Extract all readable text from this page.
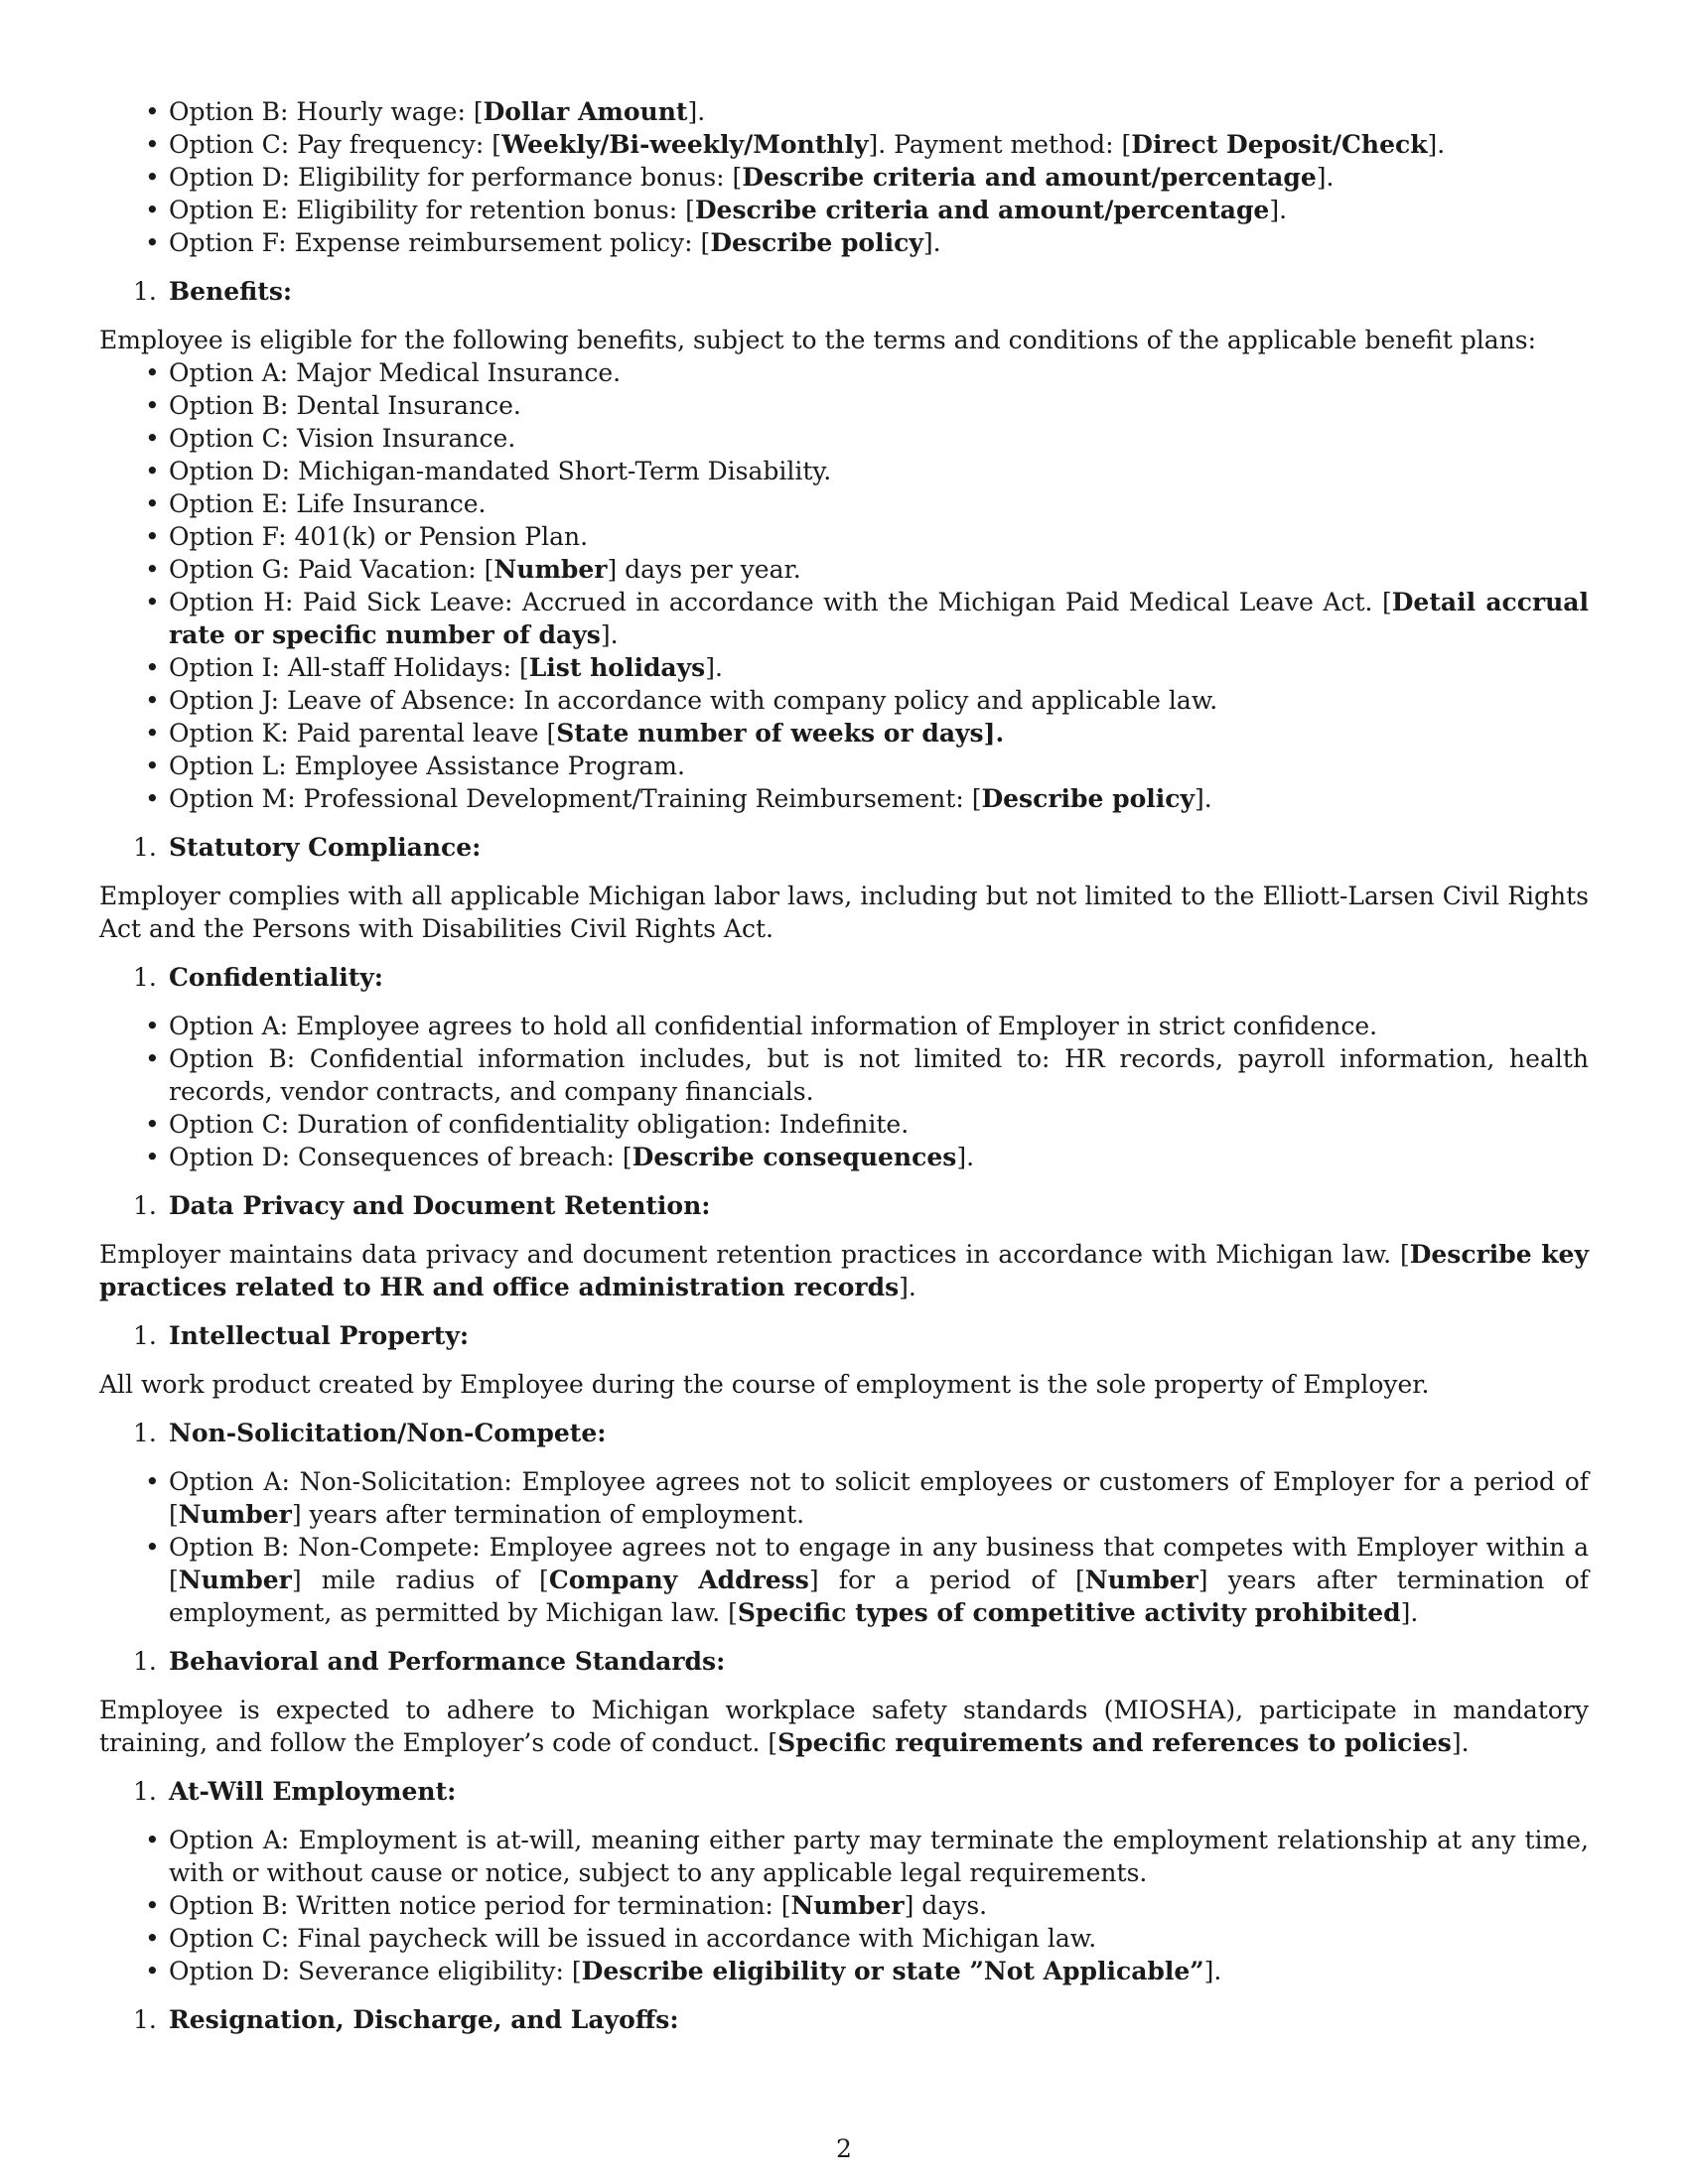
• Option B: Hourly wage: [Dollar Amount].
• Option C: Pay frequency: [Weekly/Bi-weekly/Monthly]. Payment method: [Direct Deposit/Check].
• Option D: Eligibility for performance bonus: [Describe criteria and amount/percentage].
• Option E: Eligibility for retention bonus: [Describe criteria and amount/percentage].
• Option F: Expense reimbursement policy: [Describe policy].
1. Benefits:

Employee is eligible for the following benefits, subject to the terms and conditions of the applicable benefit plans:

• Option A: Major Medical Insurance.
• Option B: Dental Insurance.
• Option C: Vision Insurance.
• Option D: Michigan-mandated Short-Term Disability.
• Option E: Life Insurance.
• Option F: 401(k) or Pension Plan.
• Option G: Paid Vacation: [Number] days per year.
• Option H: Paid Sick Leave: Accrued in accordance with the Michigan Paid Medical Leave Act. [Detail accrual rate or specific number of days].
• Option I: All-staff Holidays: [List holidays].
• Option J: Leave of Absence: In accordance with company policy and applicable law.
• Option K: Paid parental leave [State number of weeks or days].
• Option L: Employee Assistance Program.
• Option M: Professional Development/Training Reimbursement: [Describe policy].
1. Statutory Compliance:

Employer complies with all applicable Michigan labor laws, including but not limited to the Elliott-Larsen Civil Rights Act and the Persons with Disabilities Civil Rights Act.

1. Confidentiality:
• Option A: Employee agrees to hold all confidential information of Employer in strict confidence.
• Option B: Confidential information includes, but is not limited to: HR records, payroll information, health records, vendor contracts, and company financials.
• Option C: Duration of confidentiality obligation: Indefinite.
• Option D: Consequences of breach: [Describe consequences].
1. Data Privacy and Document Retention:

Employer maintains data privacy and document retention practices in accordance with Michigan law. [Describe key practices related to HR and office administration records].

1. Intellectual Property:

All work product created by Employee during the course of employment is the sole property of Employer.

1. Non-Solicitation/Non-Compete:
• Option A: Non-Solicitation: Employee agrees not to solicit employees or customers of Employer for a period of [Number] years after termination of employment.
• Option B: Non-Compete: Employee agrees not to engage in any business that competes with Employer within a [Number] mile radius of [Company Address] for a period of [Number] years after termination of employment, as permitted by Michigan law. [Specific types of competitive activity prohibited].
1. Behavioral and Performance Standards:

Employee is expected to adhere to Michigan workplace safety standards (MIOSHA), participate in mandatory training, and follow the Employer’s code of conduct. [Specific requirements and references to policies].

1. At-Will Employment:
• Option A: Employment is at-will, meaning either party may terminate the employment relationship at any time, with or without cause or notice, subject to any applicable legal requirements.
• Option B: Written notice period for termination: [Number] days.
• Option C: Final paycheck will be issued in accordance with Michigan law.
• Option D: Severance eligibility: [Describe eligibility or state ”Not Applicable”].
1. Resignation, Discharge, and Layoffs:
2
